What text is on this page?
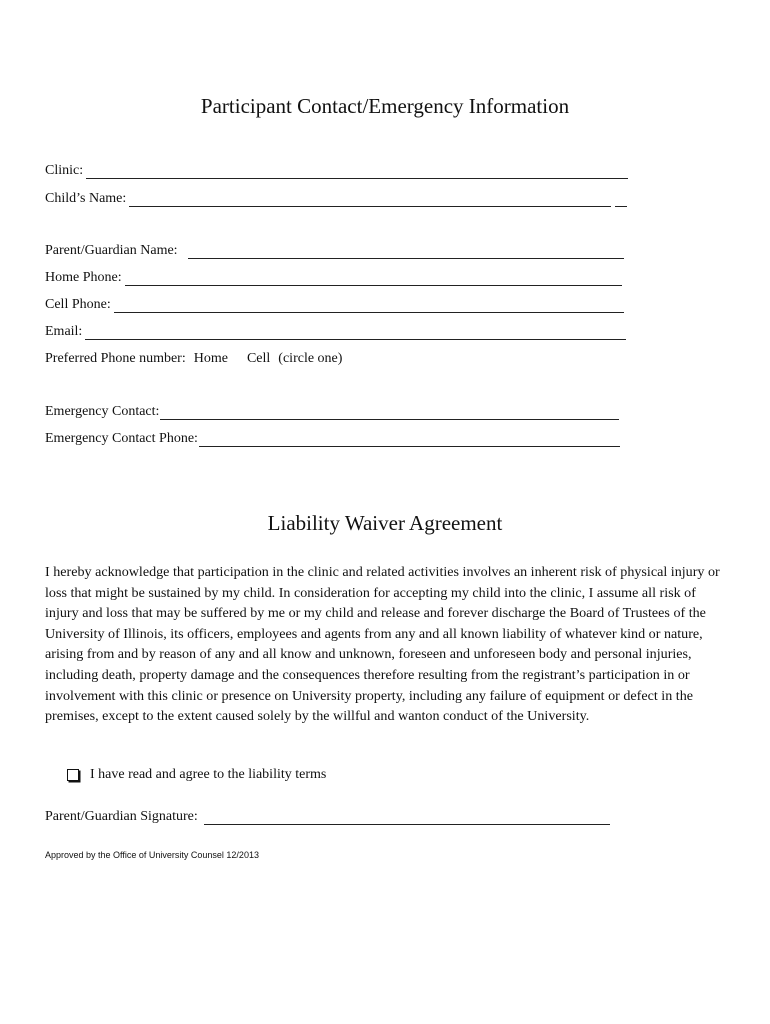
Participant Contact/Emergency Information
Clinic:
Child’s Name:
Parent/Guardian Name:
Home Phone:
Cell Phone:
Email:
Preferred Phone number: Home Cell (circle one)
Emergency Contact:
Emergency Contact Phone:
Liability Waiver Agreement
I hereby acknowledge that participation in the clinic and related activities involves an inherent risk of physical injury or loss that might be sustained by my child. In consideration for accepting my child into the clinic, I assume all risk of injury and loss that may be suffered by me or my child and release and forever discharge the Board of Trustees of the University of Illinois, its officers, employees and agents from any and all known liability of whatever kind or nature, arising from and by reason of any and all know and unknown, foreseen and unforeseen body and personal injuries, including death, property damage and the consequences therefore resulting from the registrant’s participation in or involvement with this clinic or presence on University property, including any failure of equipment or defect in the premises, except to the extent caused solely by the willful and wanton conduct of the University.
I have read and agree to the liability terms
Parent/Guardian Signature:
Approved by the Office of University Counsel 12/2013
